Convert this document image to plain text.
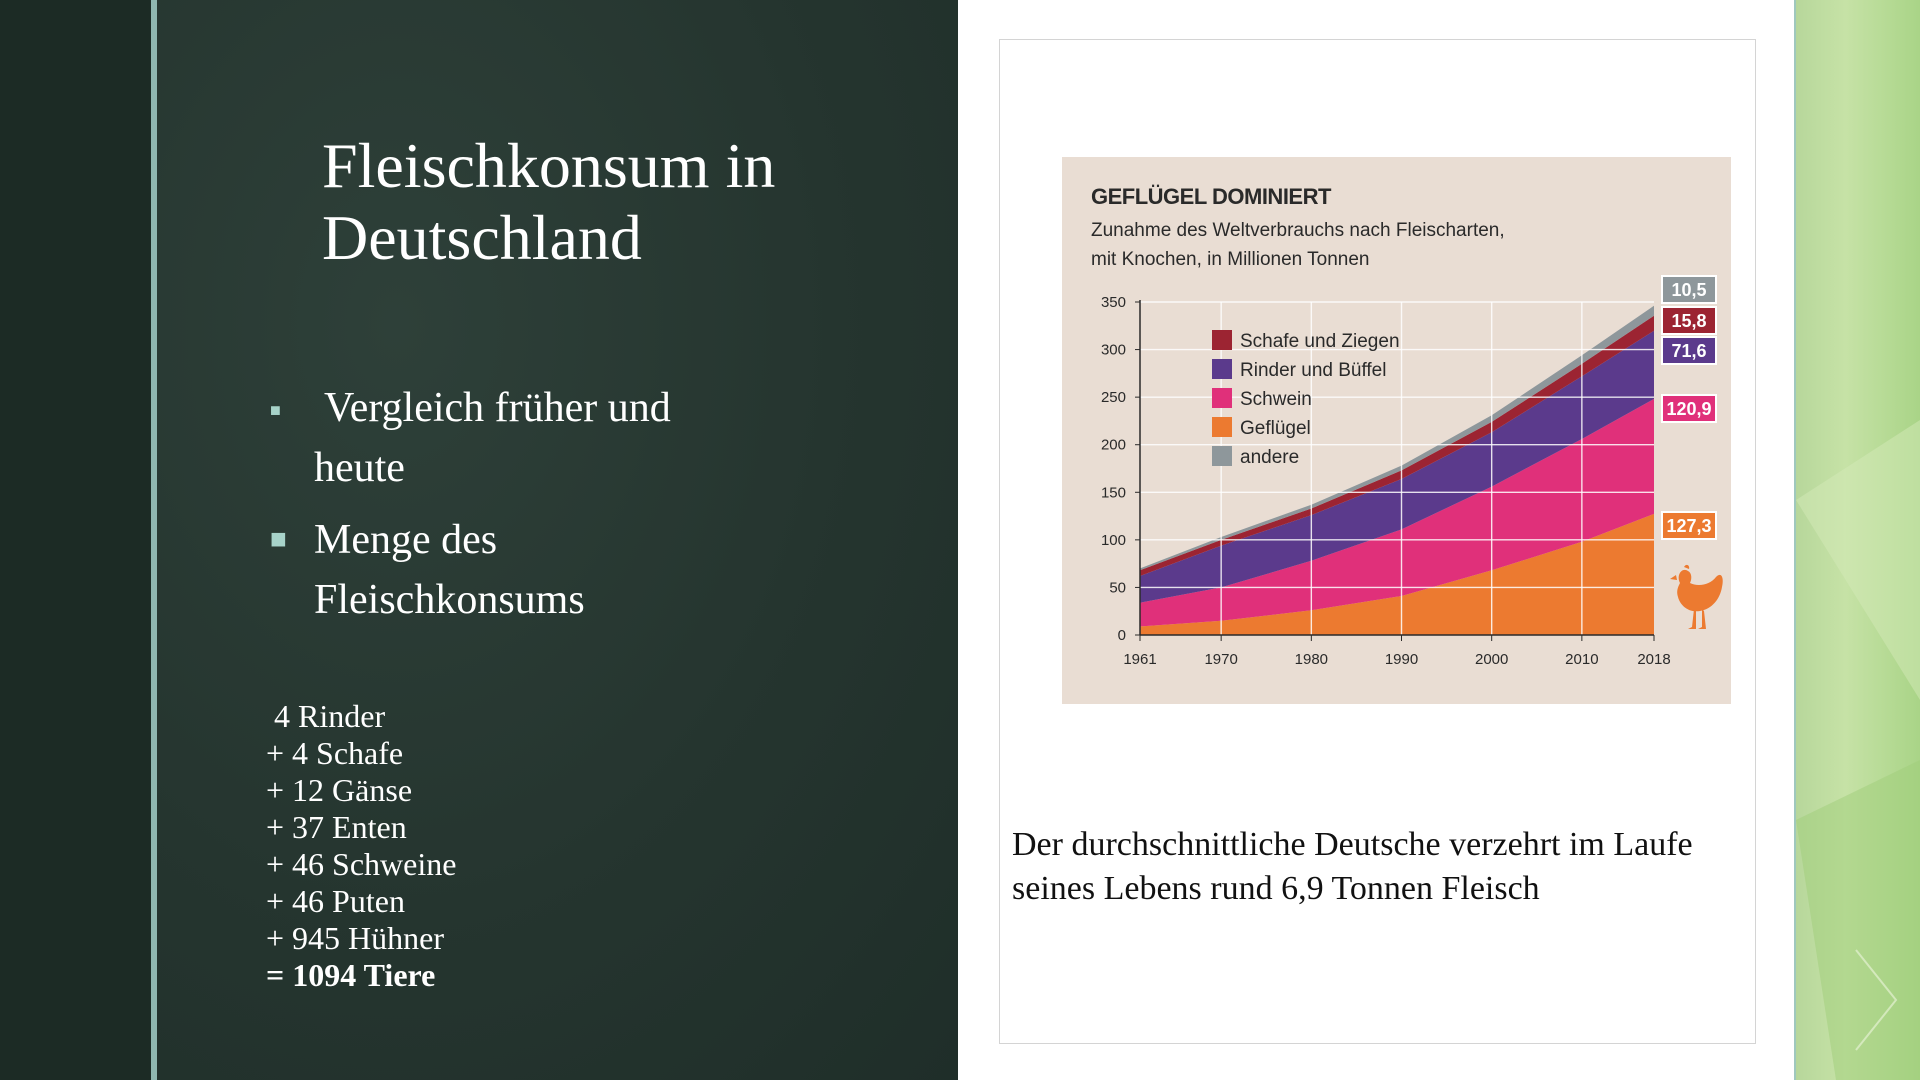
Fleischkonsum in
Deutschland
■ Vergleich früher und
heute
■ Menge des
Fleischkonsums
4 Rinder
+ 4 Schafe
+ 12 Gänse
+ 37 Enten
+ 46 Schweine
+ 46 Puten
+ 945 Hühner
= 1094 Tiere
GEFLÜGEL DOMINIERT
Zunahme des Weltverbrauchs nach Fleischarten,
mit Knochen, in Millionen Tonnen
0
50
100
150
200
250
300
350
1961	1970	1980	1990	2000	2010	2018
Schafe und Ziegen
Rinder und Büffel
Schwein
Geflügel
andere
127,3
120,9
71,6
15,8
10,5
Der durchschnittliche Deutsche verzehrt im Laufe seines Lebens rund 6,9 Tonnen Fleisch
